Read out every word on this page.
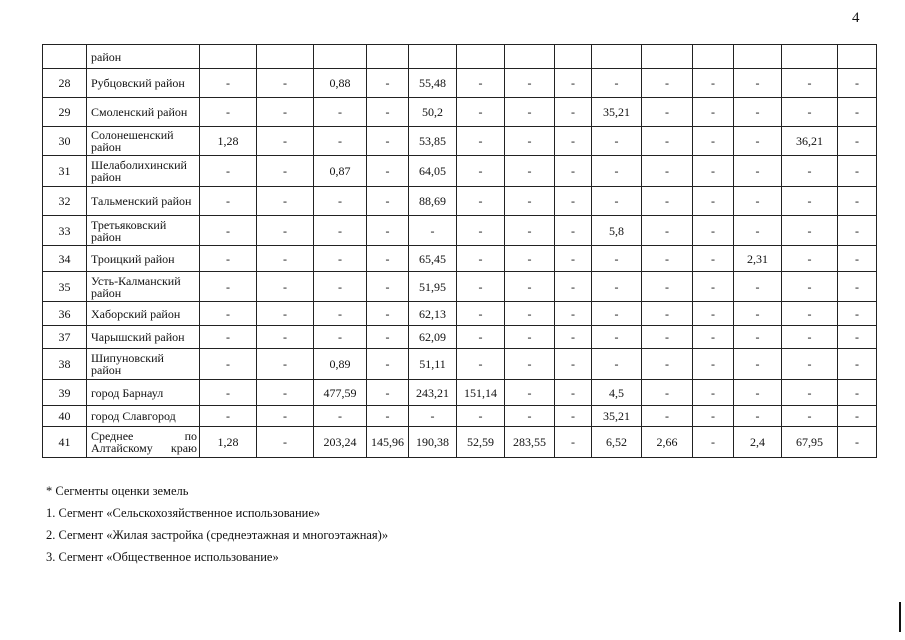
4
	район														
28	Рубцовский район	-	-	0,88	-	55,48	-	-	-	-	-	-	-	-	-
29	Смоленский район	-	-	-	-	50,2	-	-	-	35,21	-	-	-	-	-
30	Солонешенский район	1,28	-	-	-	53,85	-	-	-	-	-	-	-	36,21	-
31	Шелаболихинский район	-	-	0,87	-	64,05	-	-	-	-	-	-	-	-	-
32	Тальменский район	-	-	-	-	88,69	-	-	-	-	-	-	-	-	-
33	Третьяковский район	-	-	-	-	-	-	-	-	5,8	-	-	-	-	-
34	Троицкий район	-	-	-	-	65,45	-	-	-	-	-	-	2,31	-	-
35	Усть-Калманский район	-	-	-	-	51,95	-	-	-	-	-	-	-	-	-
36	Хаборский район	-	-	-	-	62,13	-	-	-	-	-	-	-	-	-
37	Чарышский район	-	-	-	-	62,09	-	-	-	-	-	-	-	-	-
38	Шипуновский район	-	-	0,89	-	51,11	-	-	-	-	-	-	-	-	-
39	город Барнаул	-	-	477,59	-	243,21	151,14	-	-	4,5	-	-	-	-	-
40	город Славгород	-	-	-	-	-	-	-	-	35,21	-	-	-	-	-
41	Среднее по Алтайскому краю	1,28	-	203,24	145,96	190,38	52,59	283,55	-	6,52	2,66	-	2,4	67,95	-
* Сегменты оценки земель
1. Сегмент «Сельскохозяйственное использование»
2. Сегмент «Жилая застройка (среднеэтажная и многоэтажная)»
3. Сегмент «Общественное использование»
